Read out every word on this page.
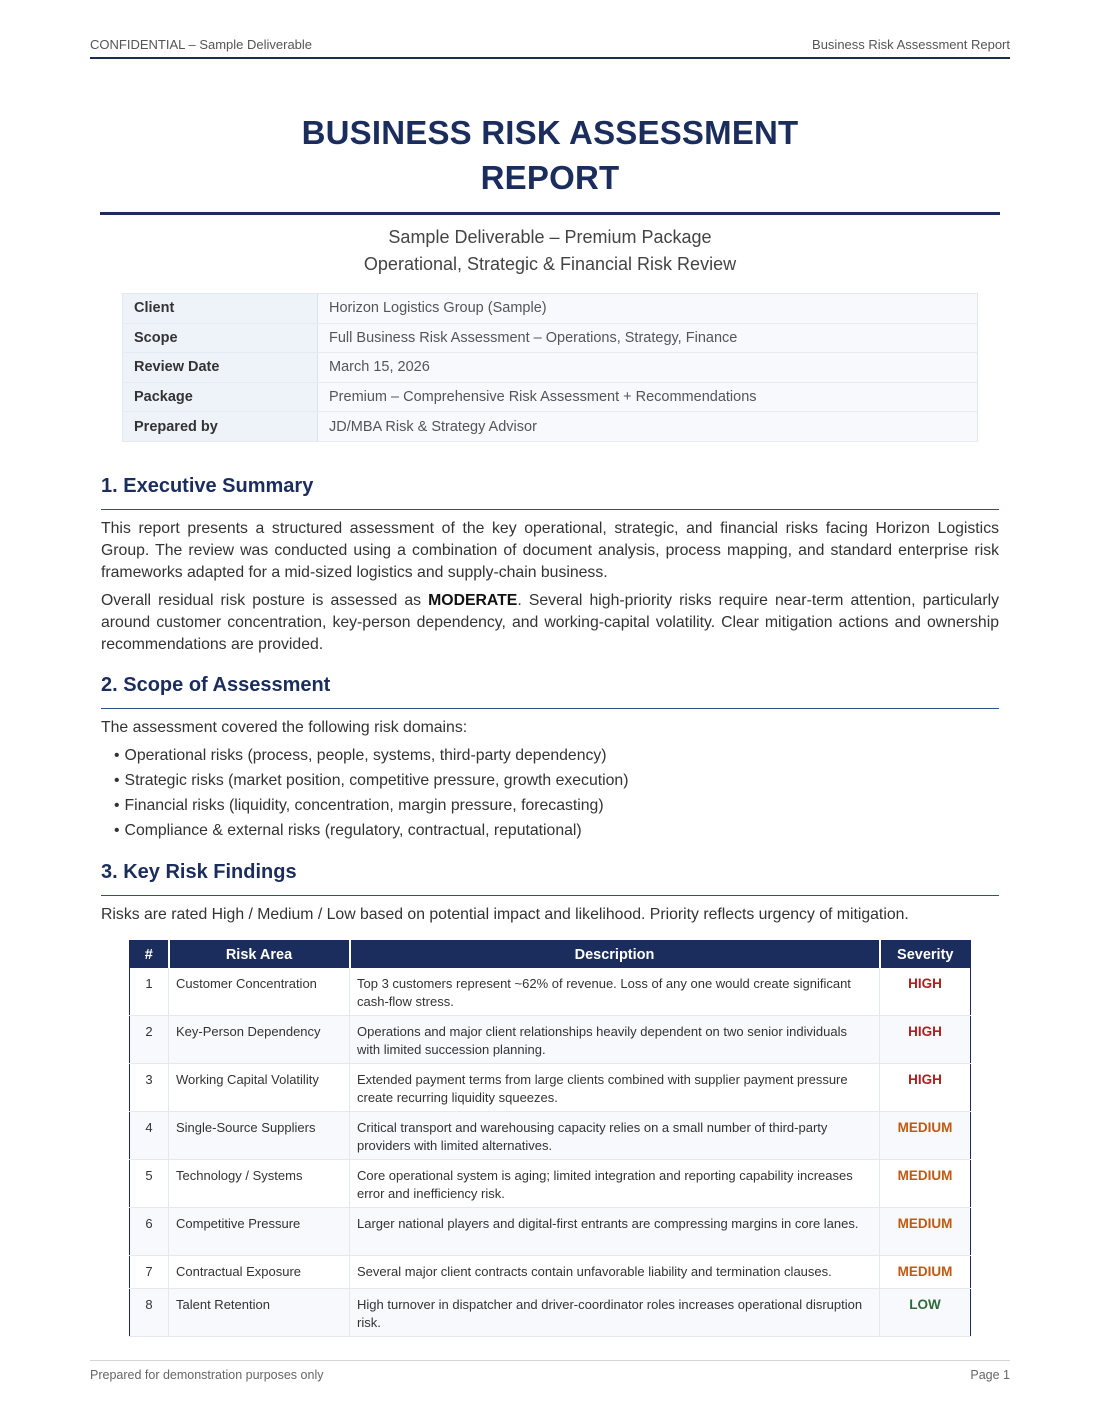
CONFIDENTIAL – Sample Deliverable	Business Risk Assessment Report
BUSINESS RISK ASSESSMENT
REPORT
Sample Deliverable – Premium Package
Operational, Strategic & Financial Risk Review
Client	Horizon Logistics Group (Sample)
Scope	Full Business Risk Assessment – Operations, Strategy, Finance
Review Date	March 15, 2026
Package	Premium – Comprehensive Risk Assessment + Recommendations
Prepared by	JD/MBA Risk & Strategy Advisor
1. Executive Summary
This report presents a structured assessment of the key operational, strategic, and financial risks facing Horizon Logistics Group. The review was conducted using a combination of document analysis, process mapping, and standard enterprise risk frameworks adapted for a mid-sized logistics and supply-chain business.
Overall residual risk posture is assessed as MODERATE. Several high-priority risks require near-term attention, particularly around customer concentration, key-person dependency, and working-capital volatility. Clear mitigation actions and ownership recommendations are provided.
2. Scope of Assessment
The assessment covered the following risk domains:
• Operational risks (process, people, systems, third-party dependency)
• Strategic risks (market position, competitive pressure, growth execution)
• Financial risks (liquidity, concentration, margin pressure, forecasting)
• Compliance & external risks (regulatory, contractual, reputational)
3. Key Risk Findings
Risks are rated High / Medium / Low based on potential impact and likelihood. Priority reflects urgency of mitigation.
#	Risk Area	Description	Severity
1	Customer Concentration	Top 3 customers represent ~62% of revenue. Loss of any one would create significant cash-flow stress.	HIGH
2	Key-Person Dependency	Operations and major client relationships heavily dependent on two senior individuals with limited succession planning.	HIGH
3	Working Capital Volatility	Extended payment terms from large clients combined with supplier payment pressure create recurring liquidity squeezes.	HIGH
4	Single-Source Suppliers	Critical transport and warehousing capacity relies on a small number of third-party providers with limited alternatives.	MEDIUM
5	Technology / Systems	Core operational system is aging; limited integration and reporting capability increases error and inefficiency risk.	MEDIUM
6	Competitive Pressure	Larger national players and digital-first entrants are compressing margins in core lanes.	MEDIUM
7	Contractual Exposure	Several major client contracts contain unfavorable liability and termination clauses.	MEDIUM
8	Talent Retention	High turnover in dispatcher and driver-coordinator roles increases operational disruption risk.	LOW
Prepared for demonstration purposes only	Page 1
